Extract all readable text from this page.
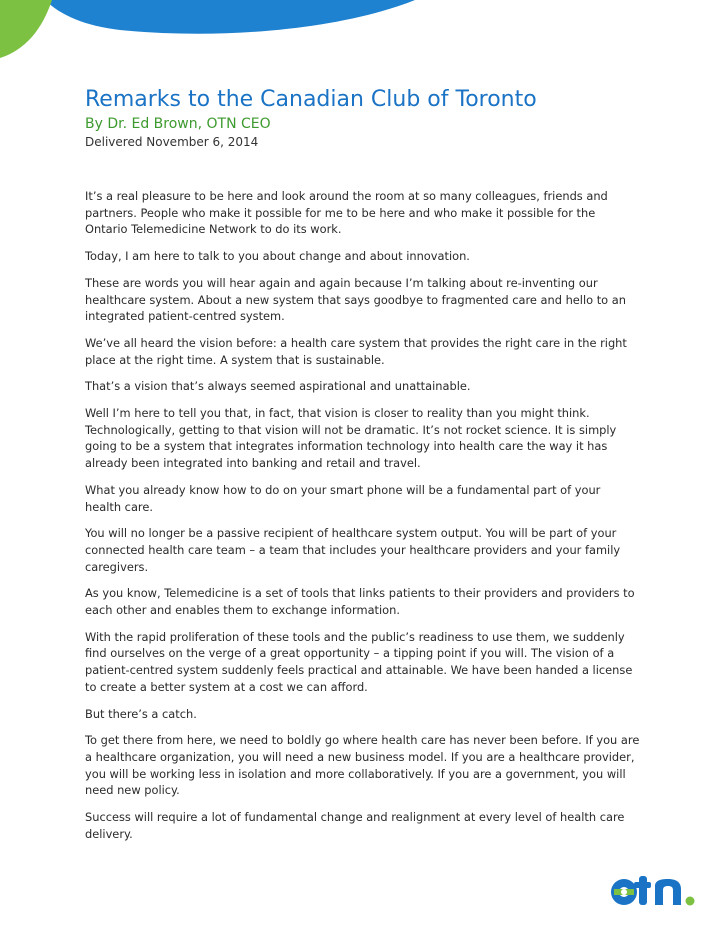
Remarks to the Canadian Club of Toronto
By Dr. Ed Brown, OTN CEO
Delivered November 6, 2014

It’s a real pleasure to be here and look around the room at so many colleagues, friends and partners. People who make it possible for me to be here and who make it possible for the Ontario Telemedicine Network to do its work.

Today, I am here to talk to you about change and about innovation.

These are words you will hear again and again because I’m talking about re-inventing our healthcare system. About a new system that says goodbye to fragmented care and hello to an integrated patient-centred system.

We’ve all heard the vision before: a health care system that provides the right care in the right place at the right time. A system that is sustainable.

That’s a vision that’s always seemed aspirational and unattainable.

Well I’m here to tell you that, in fact, that vision is closer to reality than you might think. Technologically, getting to that vision will not be dramatic. It’s not rocket science. It is simply going to be a system that integrates information technology into health care the way it has already been integrated into banking and retail and travel.

What you already know how to do on your smart phone will be a fundamental part of your health care.

You will no longer be a passive recipient of healthcare system output. You will be part of your connected health care team – a team that includes your healthcare providers and your family caregivers.

As you know, Telemedicine is a set of tools that links patients to their providers and providers to each other and enables them to exchange information.

With the rapid proliferation of these tools and the public’s readiness to use them, we suddenly find ourselves on the verge of a great opportunity – a tipping point if you will. The vision of a patient-centred system suddenly feels practical and attainable. We have been handed a license to create a better system at a cost we can afford.

But there’s a catch.

To get there from here, we need to boldly go where health care has never been before. If you are a healthcare organization, you will need a new business model. If you are a healthcare provider, you will be working less in isolation and more collaboratively. If you are a government, you will need new policy.

Success will require a lot of fundamental change and realignment at every level of health care delivery.

otn.
